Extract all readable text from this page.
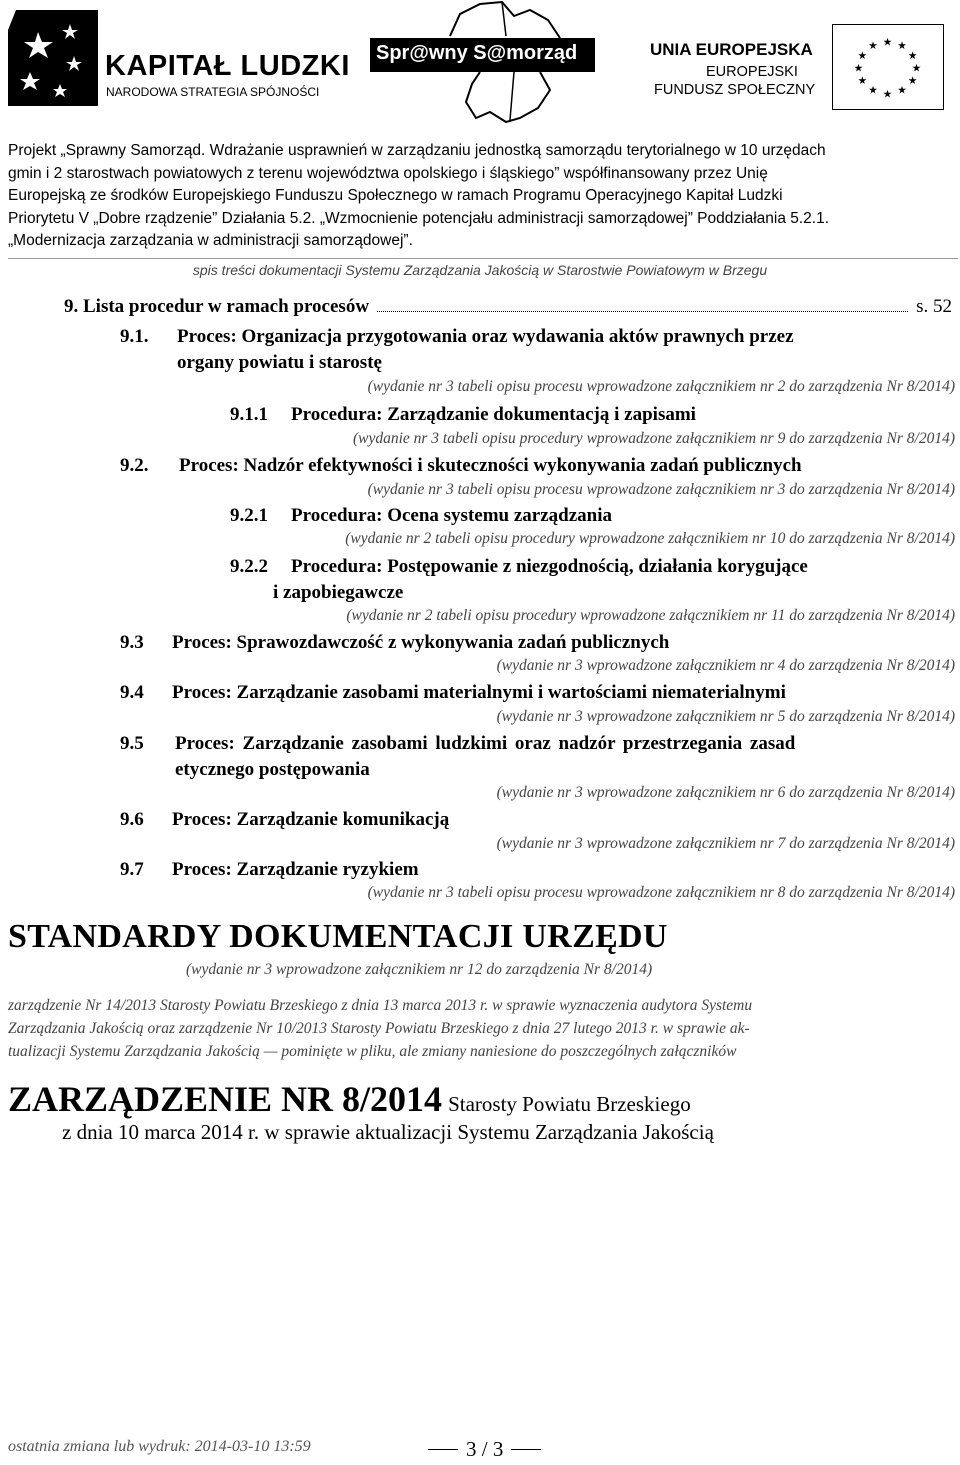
KAPITAŁ LUDZKI
NARODOWA STRATEGIA SPÓJNOŚCI
Spr@wny S@morząd	UNIA EUROPEJSKA
EUROPEJSKI
FUNDUSZ SPOŁECZNY
★ ★
★
★
★
★
★
★
★
★
★
★
Projekt „Sprawny Samorząd. Wdrażanie usprawnień w zarządzaniu jednostką samorządu terytorialnego w 10 urzędach
gmin i 2 starostwach powiatowych z terenu województwa opolskiego i śląskiego” współfinansowany przez Unię
Europejską ze środków Europejskiego Funduszu Społecznego w ramach Programu Operacyjnego Kapitał Ludzki
Priorytetu V „Dobre rządzenie” Działania 5.2. „Wzmocnienie potencjału administracji samorządowej” Poddziałania 5.2.1.
„Modernizacja zarządzania w administracji samorządowej”.
spis treści dokumentacji Systemu Zarządzania Jakością w Starostwie Powiatowym w Brzegu
9. Lista procedur w ramach procesów	s. 52
9.1. Proces: Organizacja przygotowania oraz wydawania aktów prawnych przez
organy powiatu i starostę
(wydanie nr 3 tabeli opisu procesu wprowadzone załącznikiem nr 2 do zarządzenia Nr 8/2014)
9.1.1 Procedura: Zarządzanie dokumentacją i zapisami
(wydanie nr 3 tabeli opisu procedury wprowadzone załącznikiem nr 9 do zarządzenia Nr 8/2014)
9.2. Proces: Nadzór efektywności i skuteczności wykonywania zadań publicznych
(wydanie nr 3 tabeli opisu procesu wprowadzone załącznikiem nr 3 do zarządzenia Nr 8/2014)
9.2.1 Procedura: Ocena systemu zarządzania
(wydanie nr 2 tabeli opisu procedury wprowadzone załącznikiem nr 10 do zarządzenia Nr 8/2014)
9.2.2 Procedura: Postępowanie z niezgodnością, działania korygujące
i zapobiegawcze
(wydanie nr 2 tabeli opisu procedury wprowadzone załącznikiem nr 11 do zarządzenia Nr 8/2014)
9.3 Proces: Sprawozdawczość z wykonywania zadań publicznych
(wydanie nr 3 wprowadzone załącznikiem nr 4 do zarządzenia Nr 8/2014)
9.4 Proces: Zarządzanie zasobami materialnymi i wartościami niematerialnymi
(wydanie nr 3 wprowadzone załącznikiem nr 5 do zarządzenia Nr 8/2014)
9.5 Proces: Zarządzanie zasobami ludzkimi oraz nadzór przestrzegania zasad
etycznego postępowania
(wydanie nr 3 wprowadzone załącznikiem nr 6 do zarządzenia Nr 8/2014)
9.6 Proces: Zarządzanie komunikacją
(wydanie nr 3 wprowadzone załącznikiem nr 7 do zarządzenia Nr 8/2014)
9.7 Proces: Zarządzanie ryzykiem
(wydanie nr 3 tabeli opisu procesu wprowadzone załącznikiem nr 8 do zarządzenia Nr 8/2014)
STANDARDY DOKUMENTACJI URZĘDU
(wydanie nr 3 wprowadzone załącznikiem nr 12 do zarządzenia Nr 8/2014)
zarządzenie Nr 14/2013 Starosty Powiatu Brzeskiego z dnia 13 marca 2013 r. w sprawie wyznaczenia audytora Systemu
Zarządzania Jakością oraz zarządzenie Nr 10/2013 Starosty Powiatu Brzeskiego z dnia 27 lutego 2013 r. w sprawie ak-
tualizacji Systemu Zarządzania Jakością — pominięte w pliku, ale zmiany naniesione do poszczególnych załączników
ZARZĄDZENIE NR 8/2014 Starosty Powiatu Brzeskiego
z dnia 10 marca 2014 r. w sprawie aktualizacji Systemu Zarządzania Jakością
ostatnia zmiana lub wydruk: 2014-03-10 13:59	3 / 3
